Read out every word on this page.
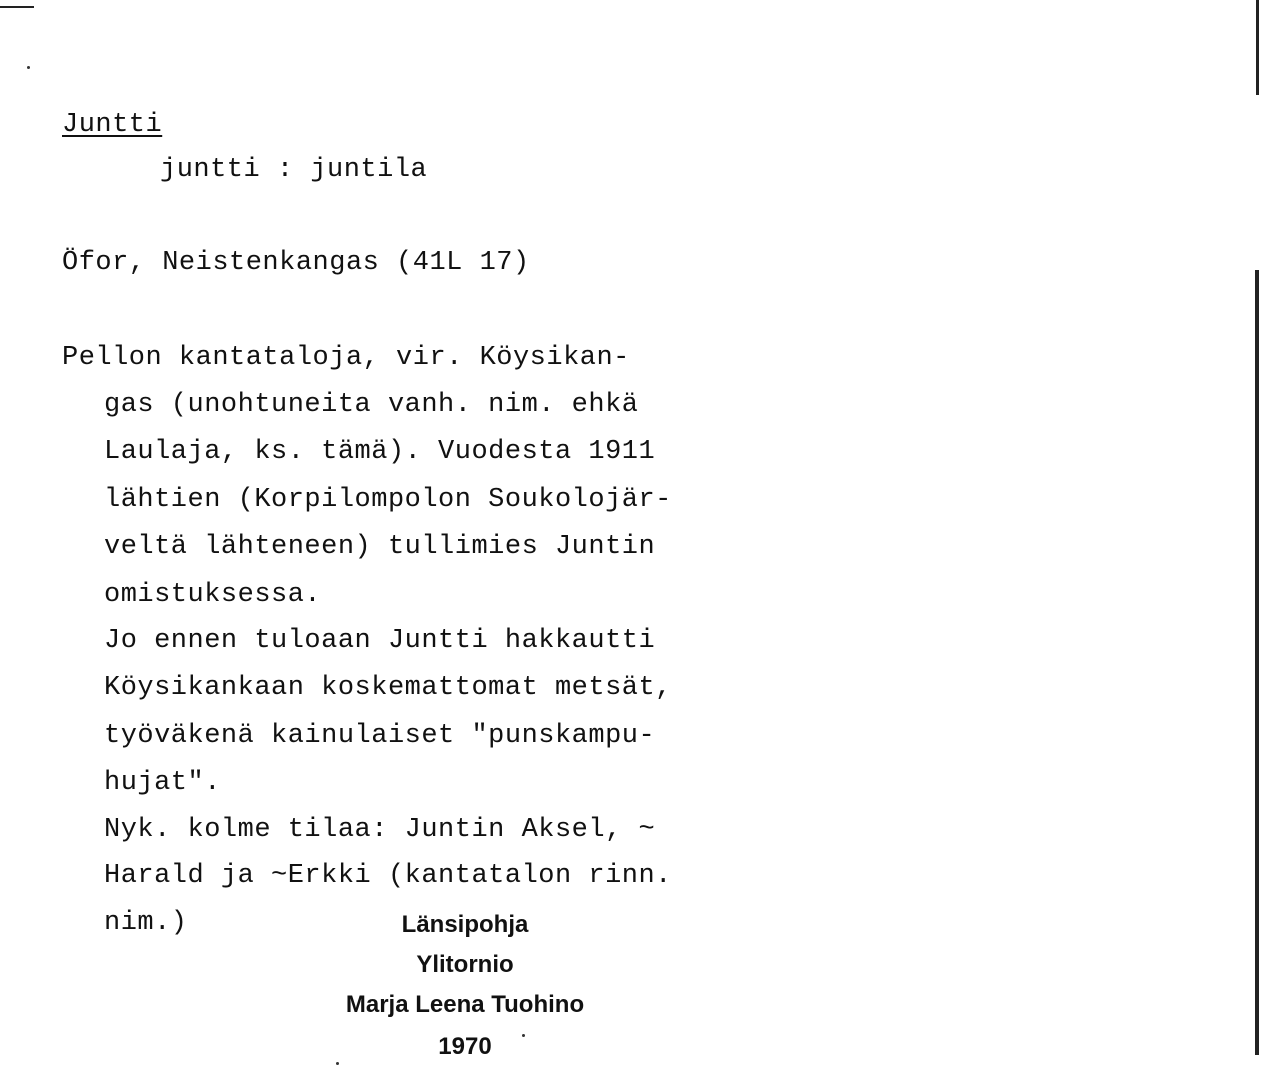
Juntti
juntti : juntila
Öfor, Neistenkangas (41L 17)
Pellon kantataloja, vir. Köysikan-
gas (unohtuneita vanh. nim. ehkä
Laulaja, ks. tämä). Vuodesta 1911
lähtien (Korpilompolon Soukolojär-
veltä lähteneen) tullimies Juntin
omistuksessa.
Jo ennen tuloaan Juntti hakkautti
Köysikankaan koskemattomat metsät,
työväkenä kainulaiset "punskampu-
hujat".
Nyk. kolme tilaa: Juntin Aksel, ~
Harald ja ~Erkki (kantatalon rinn.
nim.)	Länsipohja
Ylitornio
Marja Leena Tuohino
1970
